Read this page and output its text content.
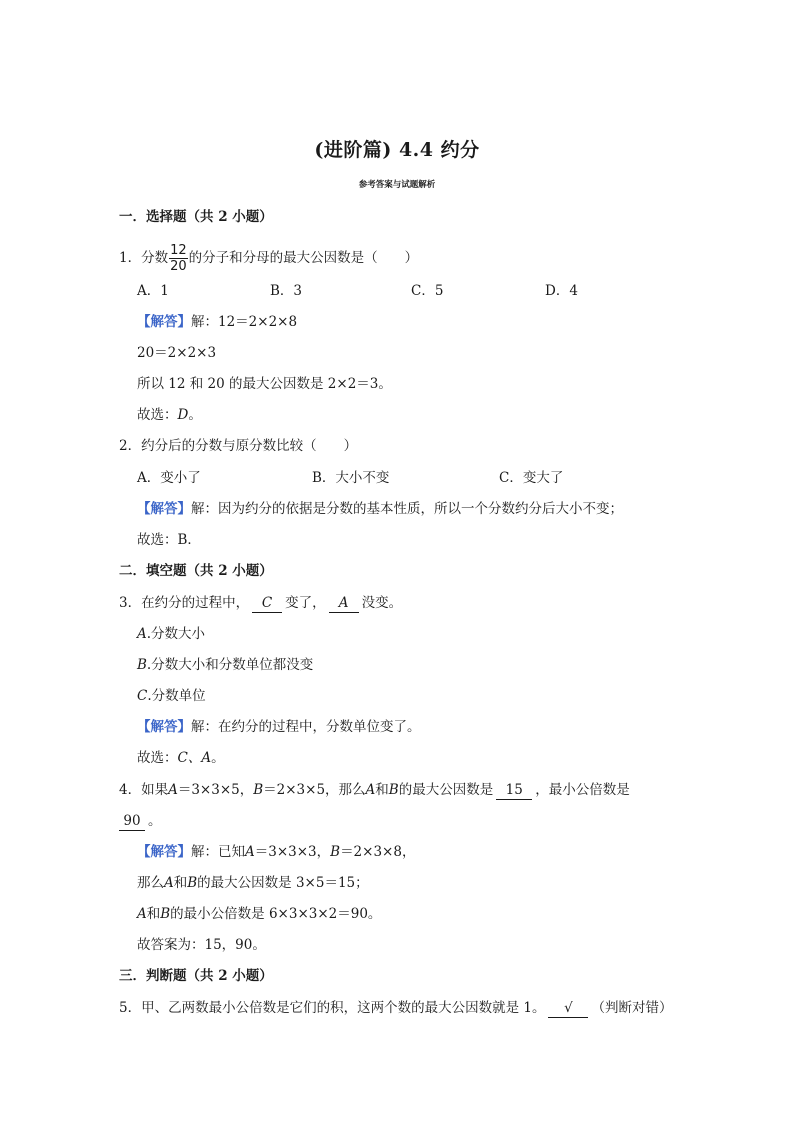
(进阶篇) 4.4 约分
参考答案与试题解析
一．选择题（共 2 小题）
1．分数 $\frac{12}{20}$ 的分子和分母的最大公因数是（　　）
A．1	B．3	C．5	D．4
【解答】解：12＝2×2×8
20＝2×2×3
所以 12 和 20 的最大公因数是 2×2＝3。
故选：D。
2．约分后的分数与原分数比较（　　）
A．变小了	B．大小不变	C．变大了
【解答】解：因为约分的依据是分数的基本性质，所以一个分数约分后大小不变；
故选：B．
二．填空题（共 2 小题）
3．在约分的过程中， C 变了， A 没变。
A.分数大小
B.分数大小和分数单位都没变
C.分数单位
【解答】解：在约分的过程中，分数单位变了。
故选：C、A。
4．如果A＝3×3×5，B＝2×3×5，那么A和B的最大公因数是 15 ，最小公倍数是
90 。
【解答】解：已知A＝3×3×3，B＝2×3×8，
那么A和B的最大公因数是 3×5＝15；
A和B的最小公倍数是 6×3×3×2＝90。
故答案为：15，90。
三．判断题（共 2 小题）
5．甲、乙两数最小公倍数是它们的积，这两个数的最大公因数就是 1。 √ （判断对错）
